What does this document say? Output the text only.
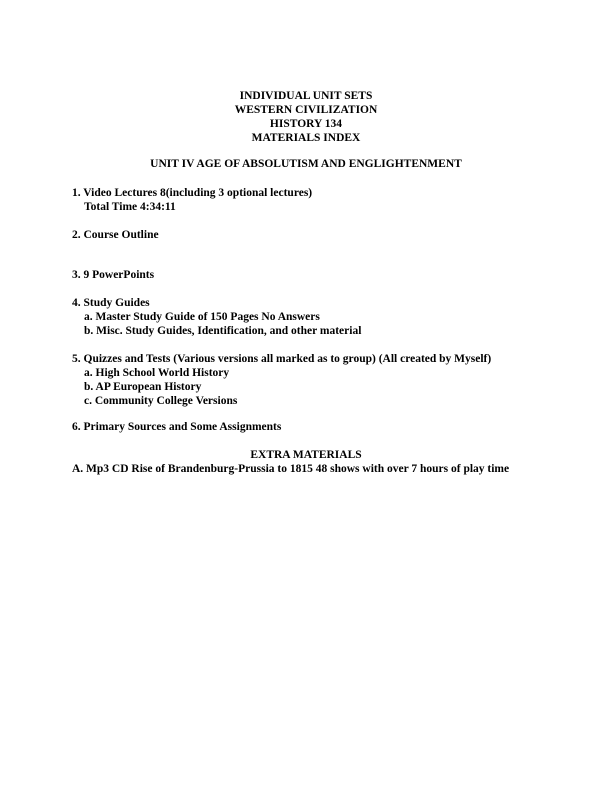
INDIVIDUAL UNIT SETS
WESTERN CIVILIZATION
HISTORY 134
MATERIALS INDEX
UNIT IV AGE OF ABSOLUTISM AND ENGLIGHTENMENT
1. Video Lectures 8(including 3 optional lectures)
Total Time 4:34:11
2. Course Outline
3. 9 PowerPoints
4. Study Guides
a. Master Study Guide of 150 Pages No Answers
b. Misc. Study Guides, Identification, and other material
5. Quizzes and Tests (Various versions all marked as to group) (All created by Myself)
a. High School World History
b. AP European History
c. Community College Versions
6. Primary Sources and Some Assignments
EXTRA MATERIALS
A. Mp3 CD Rise of Brandenburg-Prussia to 1815 48 shows with over 7 hours of play time
